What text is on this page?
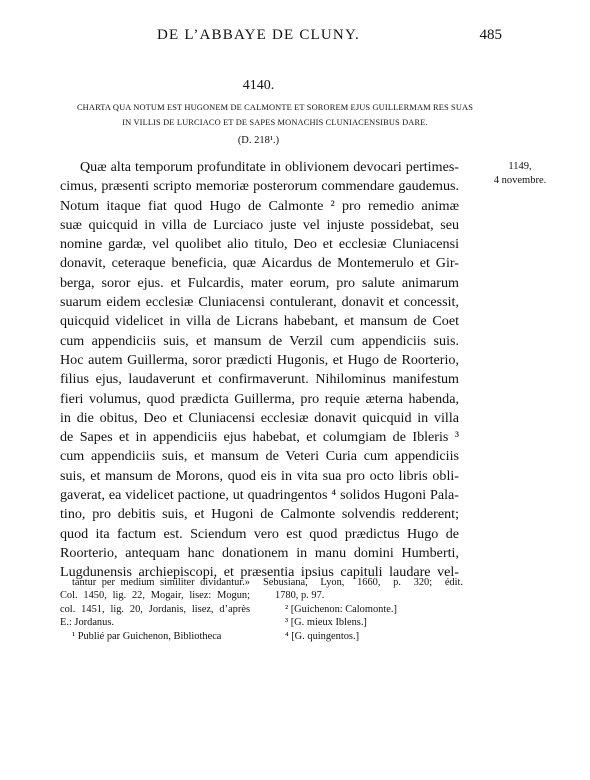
DE L’ABBAYE DE CLUNY.	485
4140.
CHARTA QUA NOTUM EST HUGONEM DE CALMONTE ET SOROREM EJUS GUILLERMAM RES SUAS
IN VILLIS DE LURCIACO ET DE SAPES MONACHIS CLUNIACENSIBUS DARE.
(D. 218¹.)
1149,
4 novembre.
Quæ alta temporum profunditate in oblivionem devocari pertimes-
cimus, præsenti scripto memoriæ posterorum commendare gaudemus.
Notum itaque fiat quod Hugo de Calmonte ² pro remedio animæ
suæ quicquid in villa de Lurciaco juste vel injuste possidebat, seu
nomine gardæ, vel quolibet alio titulo, Deo et ecclesiæ Cluniacensi
donavit, ceteraque beneficia, quæ Aicardus de Montemerulo et Gir-
berga, soror ejus. et Fulcardis, mater eorum, pro salute animarum
suarum eidem ecclesiæ Cluniacensi contulerant, donavit et concessit,
quicquid videlicet in villa de Licrans habebant, et mansum de Coet
cum appendiciis suis, et mansum de Verzil cum appendiciis suis.
Hoc autem Guillerma, soror prædicti Hugonis, et Hugo de Roorterio,
filius ejus, laudaverunt et confirmaverunt. Nihilominus manifestum
fieri volumus, quod prædicta Guillerma, pro requie æterna habenda,
in die obitus, Deo et Cluniacensi ecclesiæ donavit quicquid in villa
de Sapes et in appendiciis ejus habebat, et columgiam de Ibleris ³
cum appendiciis suis, et mansum de Veteri Curia cum appendiciis
suis, et mansum de Morons, quod eis in vita sua pro octo libris obli-
gaverat, ea videlicet pactione, ut quadringentos ⁴ solidos Hugoni Pala-
tino, pro debitis suis, et Hugoni de Calmonte solvendis redderent;
quod ita factum est. Sciendum vero est quod prædictus Hugo de
Roorterio, antequam hanc donationem in manu domini Humberti,
Lugdunensis archiepiscopi, et præsentia ipsius capituli laudare vel-
tantur per medium similiter dividantur.»
Col. 1450, lig. 22, Mogair, lisez: Mogun;
col. 1451, lig. 20, Jordanis, lisez, d’après
E.: Jordanus.
¹ Publié par Guichenon, Bibliotheca
Sebusiana, Lyon, 1660, p. 320; édit.
1780, p. 97.
² [Guichenon: Calomonte.]
³ [G. mieux Iblens.]
⁴ [G. quingentos.]
